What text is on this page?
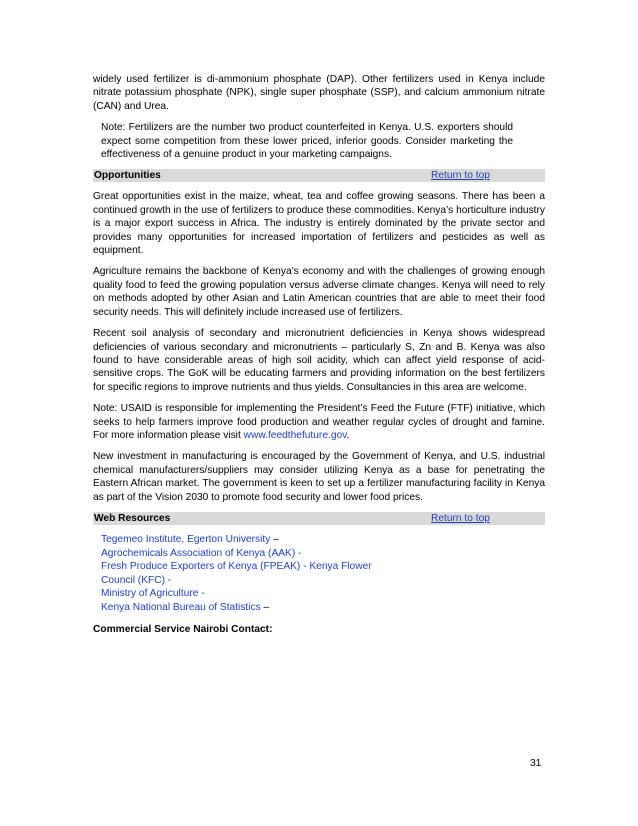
widely used fertilizer is di-ammonium phosphate (DAP). Other fertilizers used in Kenya include nitrate potassium phosphate (NPK), single super phosphate (SSP), and calcium ammonium nitrate (CAN) and Urea.

Note: Fertilizers are the number two product counterfeited in Kenya. U.S. exporters should expect some competition from these lower priced, inferior goods. Consider marketing the effectiveness of a genuine product in your marketing campaigns.
Opportunities	Return to top

Great opportunities exist in the maize, wheat, tea and coffee growing seasons. There has been a continued growth in the use of fertilizers to produce these commodities. Kenya’s horticulture industry is a major export success in Africa. The industry is entirely dominated by the private sector and provides many opportunities for increased importation of fertilizers and pesticides as well as equipment.

Agriculture remains the backbone of Kenya’s economy and with the challenges of growing enough quality food to feed the growing population versus adverse climate changes. Kenya will need to rely on methods adopted by other Asian and Latin American countries that are able to meet their food security needs. This will definitely include increased use of fertilizers.

Recent soil analysis of secondary and micronutrient deficiencies in Kenya shows widespread deficiencies of various secondary and micronutrients – particularly S, Zn and B. Kenya was also found to have considerable areas of high soil acidity, which can affect yield response of acid-sensitive crops. The GoK will be educating farmers and providing information on the best fertilizers for specific regions to improve nutrients and thus yields. Consultancies in this area are welcome.

Note: USAID is responsible for implementing the President’s Feed the Future (FTF) initiative, which seeks to help farmers improve food production and weather regular cycles of drought and famine. For more information please visit www.feedthefuture.gov.

New investment in manufacturing is encouraged by the Government of Kenya, and U.S. industrial chemical manufacturers/suppliers may consider utilizing Kenya as a base for penetrating the Eastern African market. The government is keen to set up a fertilizer manufacturing facility in Kenya as part of the Vision 2030 to promote food security and lower food prices.

Web Resources	Return to top
Tegemeo Institute, Egerton University –
Agrochemicals Association of Kenya (AAK) -
Fresh Produce Exporters of Kenya (FPEAK) - Kenya Flower
Council (KFC) -
Ministry of Agriculture -
Kenya National Bureau of Statistics –
Commercial Service Nairobi Contact:
31
